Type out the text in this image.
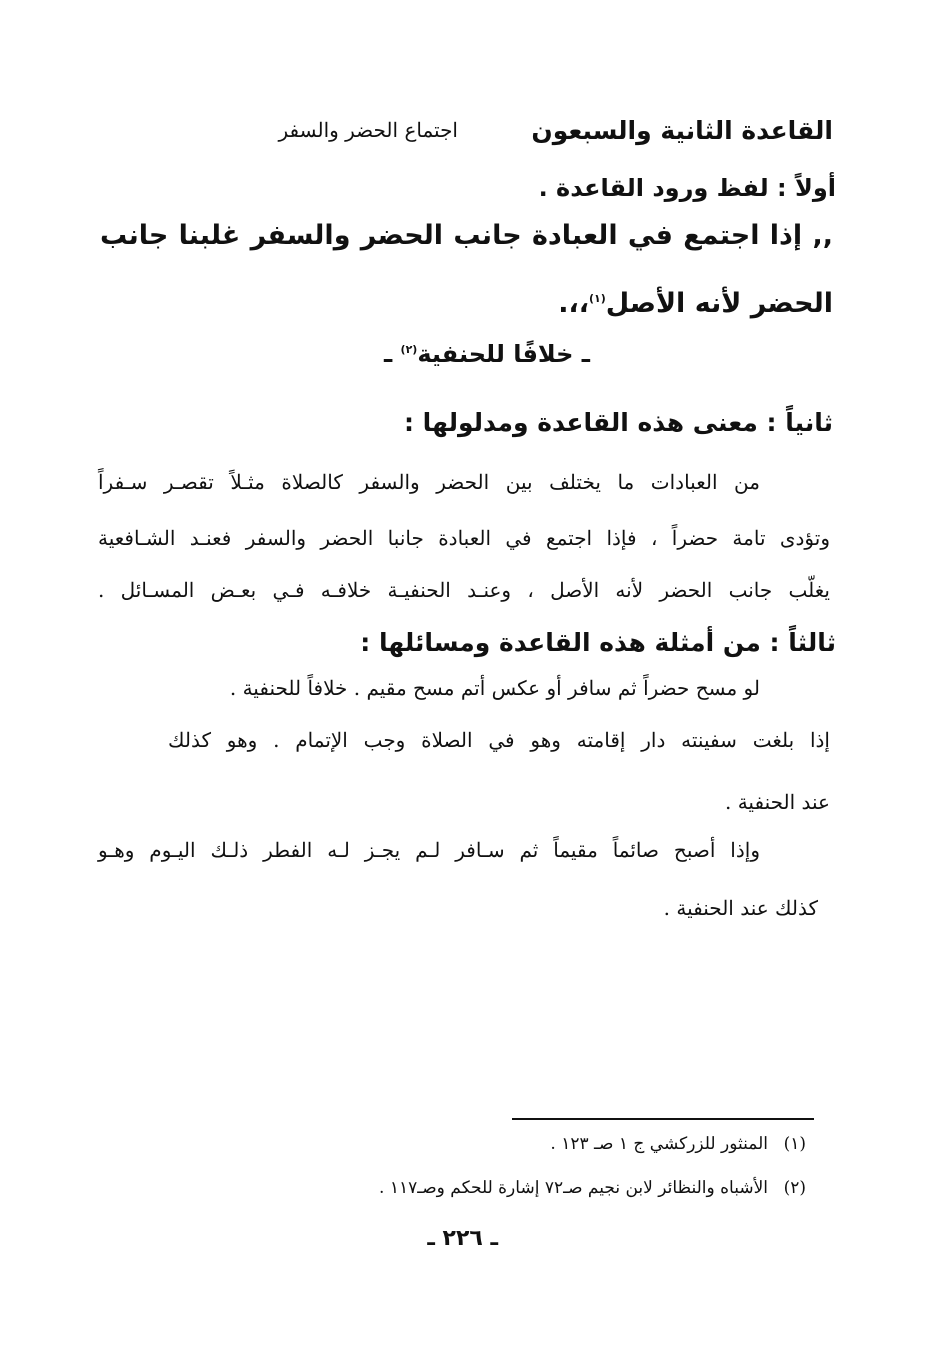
القاعدة الثانية والسبعون
اجتماع الحضر والسفر
أولاً : لفظ ورود القاعدة .
,, إذا اجتمع في العبادة جانب الحضر والسفر غلبنا جانب
الحضر لأنه الأصل$^{(١)}$،،.
ـ خلافًا للحنفية$^{(٢)}$ ـ
ثانياً : معنى هذه القاعدة ومدلولها :
من العبادات ما يختلف بين الحضر والسفر كالصلاة مثـلاً تقصـر سـفراً
وتؤدى تامة حضراً ، فإذا اجتمع في العبادة جانبا الحضر والسفر فعنـد الشـافعية
يغلّب جانب الحضر لأنه الأصل ، وعنـد الحنفيـة خلافـه فـي بعـض المسـائل .
ثالثاً : من أمثلة هذه القاعدة ومسائلها :
لو مسح حضراً ثم سافر أو عكس أتم مسح مقيم . خلافاً للحنفية .
إذا بلغت سفينته دار إقامته وهو في الصلاة وجب الإتمام . وهو كذلك
عند الحنفية .
وإذا أصبح صائماً مقيماً ثم سـافر لـم يجـز لـه الفطر ذلـك اليـوم وهـو
كذلك عند الحنفية .
(١)المنثور للزركشي ج ١ صـ ١٢٣ .
(٢)الأشباه والنظائر لابن نجيم صـ٧٢ إشارة للحكم وصـ١١٧ .
ـ ٢٢٦ ـ
